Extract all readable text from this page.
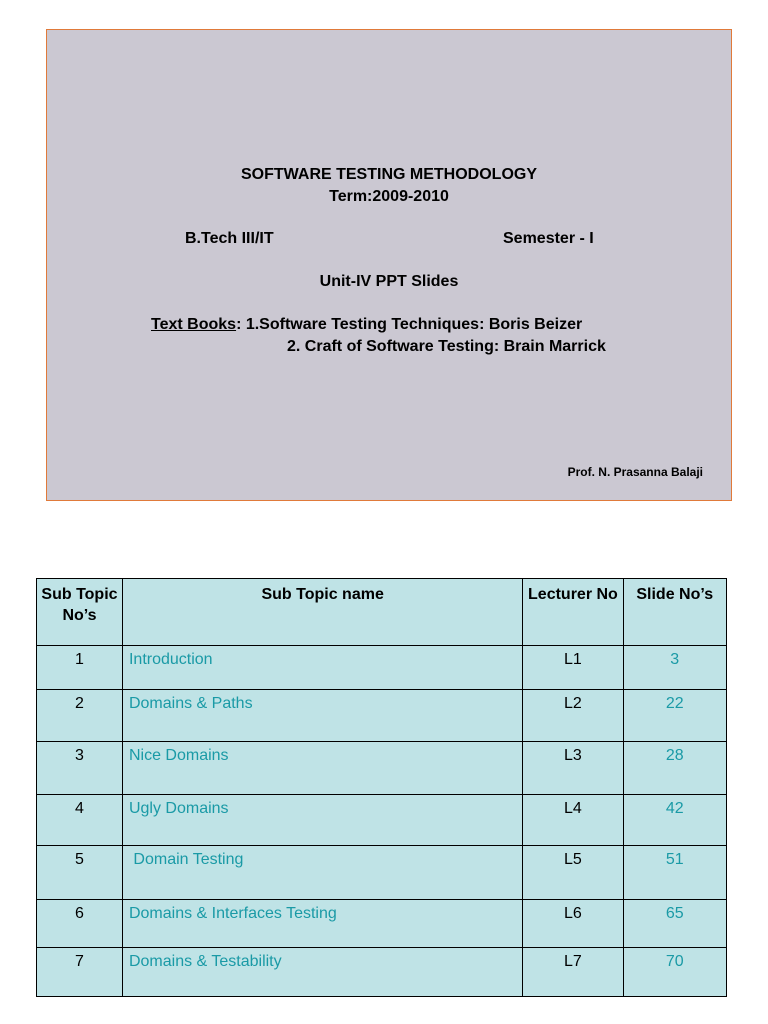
SOFTWARE TESTING METHODOLOGY
Term:2009-2010
B.Tech III/IT	Semester - I
Unit-IV PPT Slides
Text Books: 1.Software Testing Techniques: Boris Beizer
2. Craft of Software Testing: Brain Marrick
Prof. N. Prasanna Balaji
Sub Topic No’s	Sub Topic name	Lecturer No	Slide No’s
1	Introduction	L1	3
2	Domains & Paths	L2	22
3	Nice Domains	L3	28
4	Ugly Domains	L4	42
5	Domain Testing	L5	51
6	Domains & Interfaces Testing	L6	65
7	Domains & Testability	L7	70
